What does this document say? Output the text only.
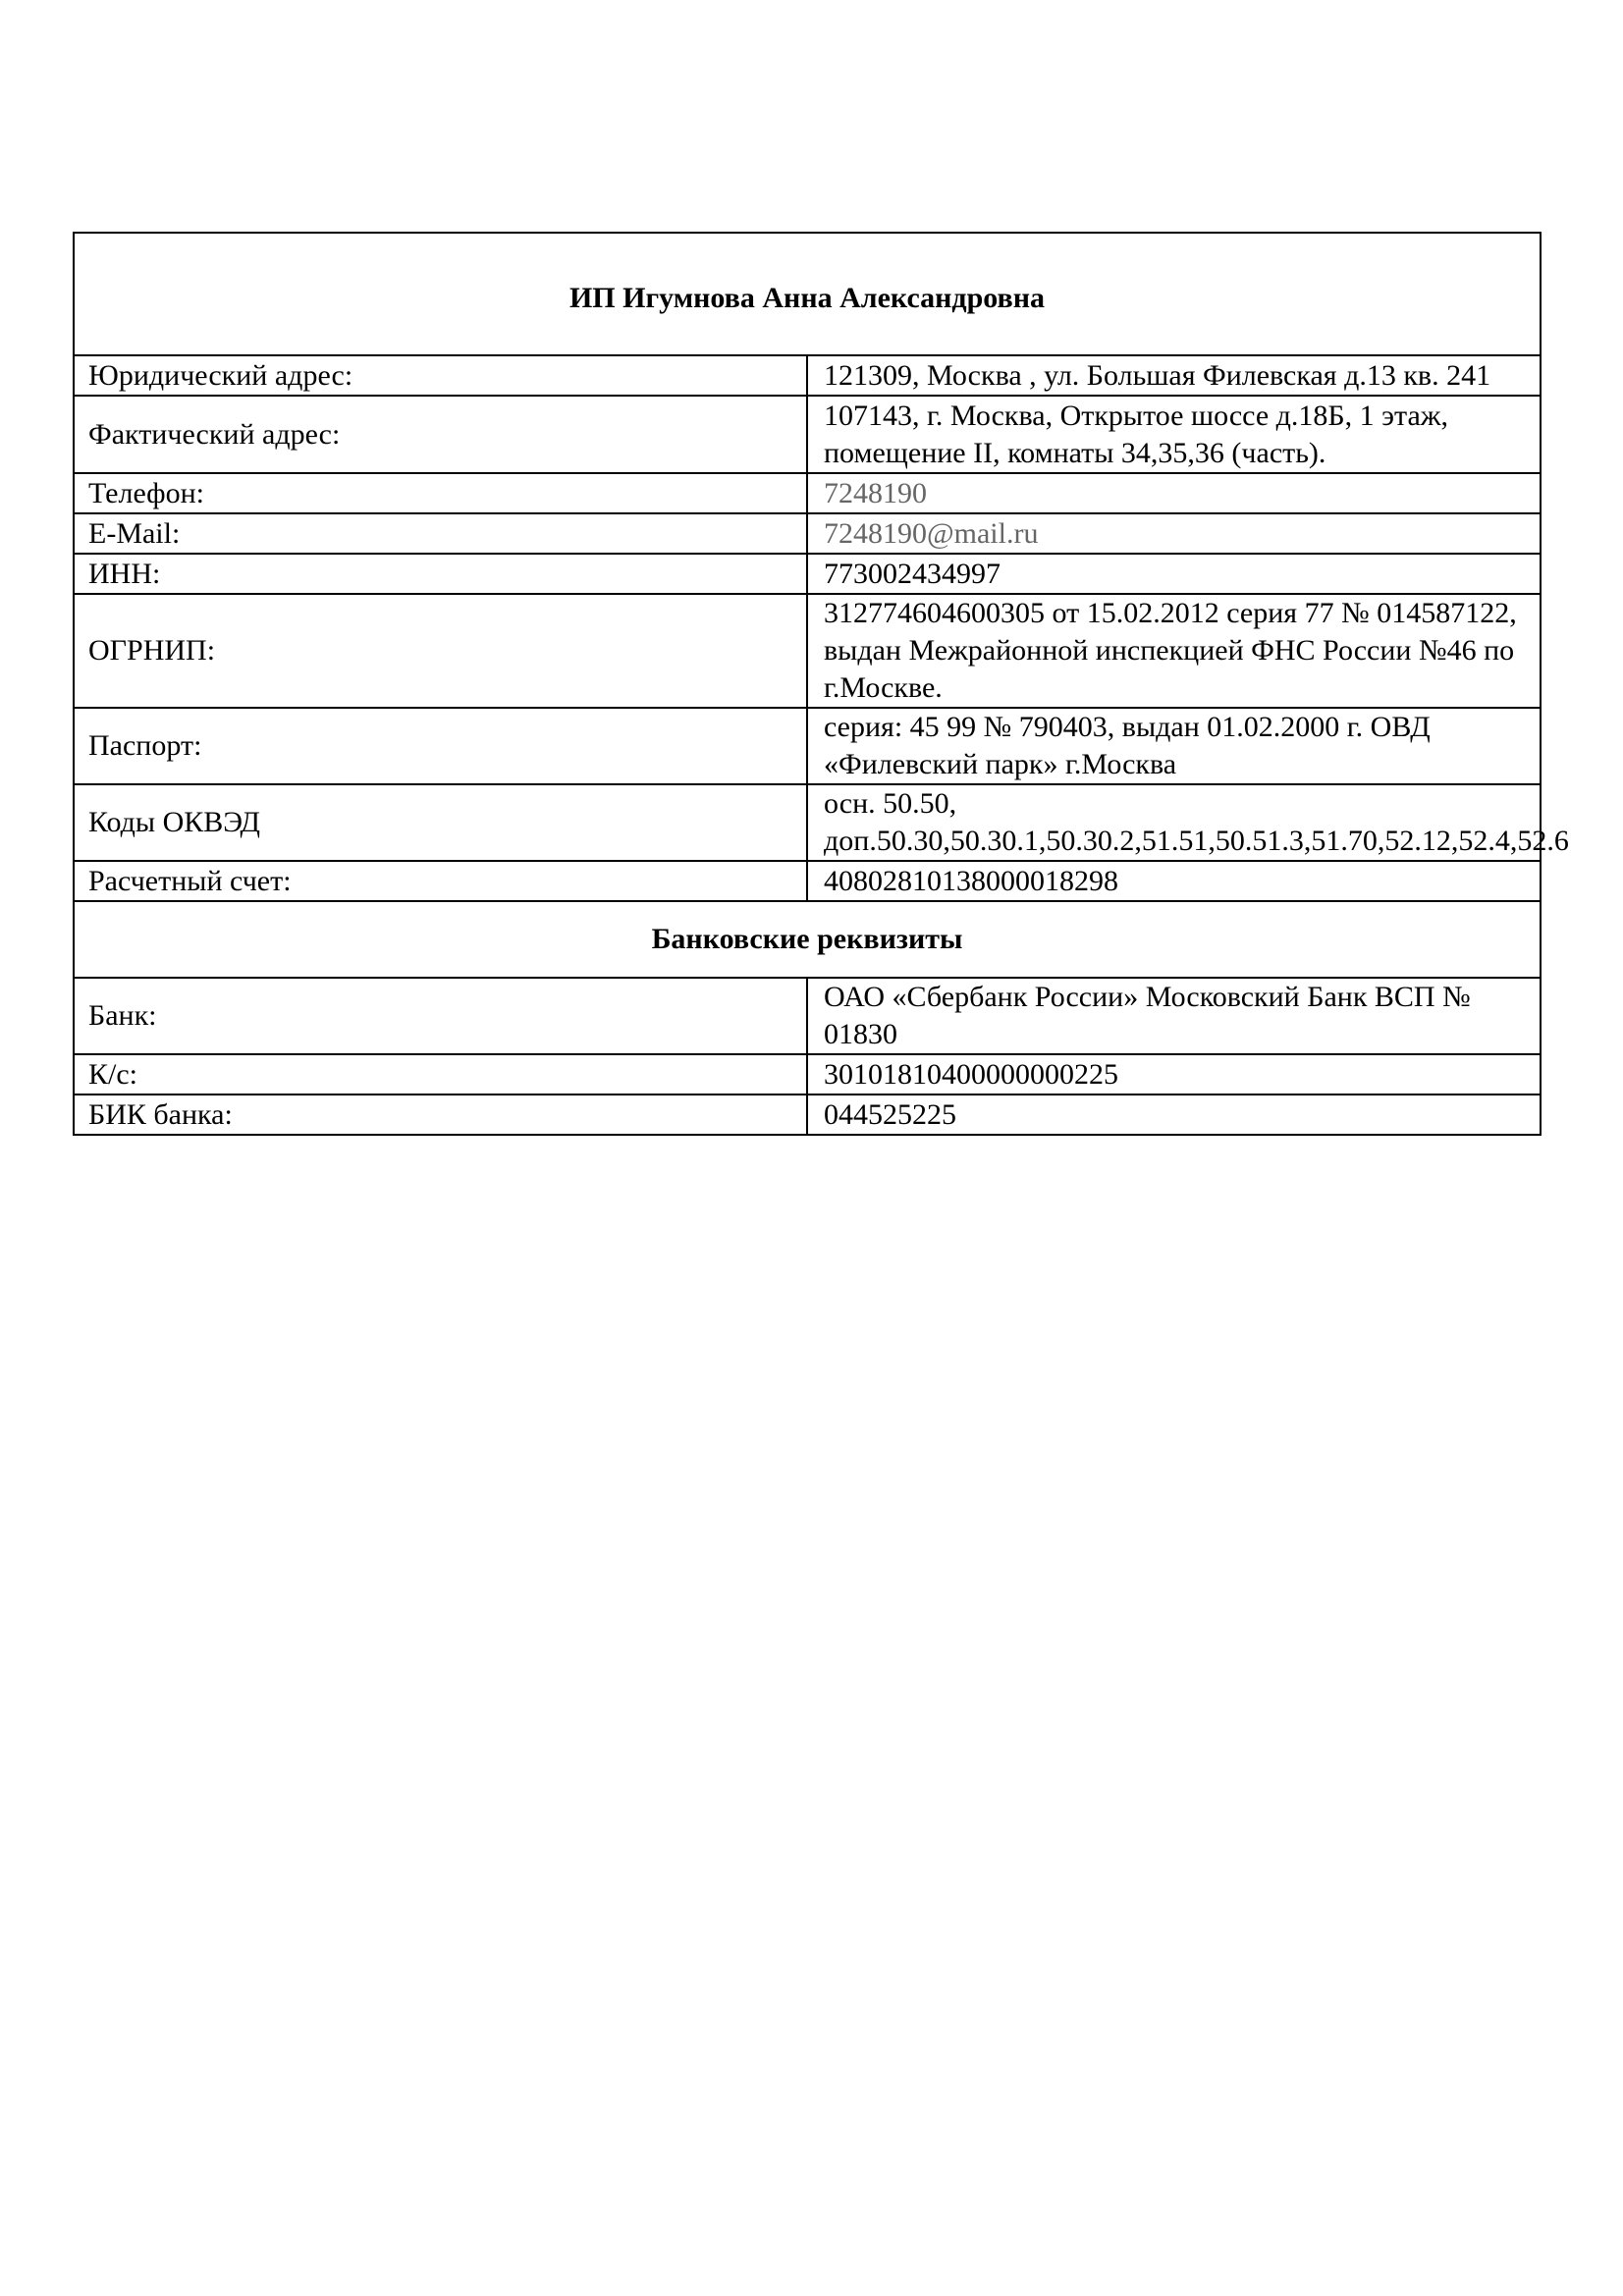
ИП Игумнова Анна Александровна	
Юридический адрес:	121309, Москва , ул. Большая Филевская д.13 кв. 241
Фактический адрес:	107143, г. Москва, Открытое шоссе д.18Б, 1 этаж, помещение II, комнаты 34,35,36 (часть).
Телефон:	7248190
E-Mail:	7248190@mail.ru
ИНН:	773002434997
ОГРНИП:	312774604600305 от 15.02.2012 серия 77 № 014587122, выдан Межрайонной инспекцией ФНС России №46 по г.Москве.
Паспорт:	серия: 45 99 № 790403, выдан 01.02.2000 г. ОВД «Филевский парк» г.Москва
Коды ОКВЭД	осн. 50.50, доп.50.30,50.30.1,50.30.2,51.51,50.51.3,51.70,52.12,52.4,52.6
Расчетный счет:	40802810138000018298
Банковские реквизиты	
Банк:	ОАО «Сбербанк России» Московский Банк ВСП № 01830
К/с:	30101810400000000225
БИК банка:	044525225
